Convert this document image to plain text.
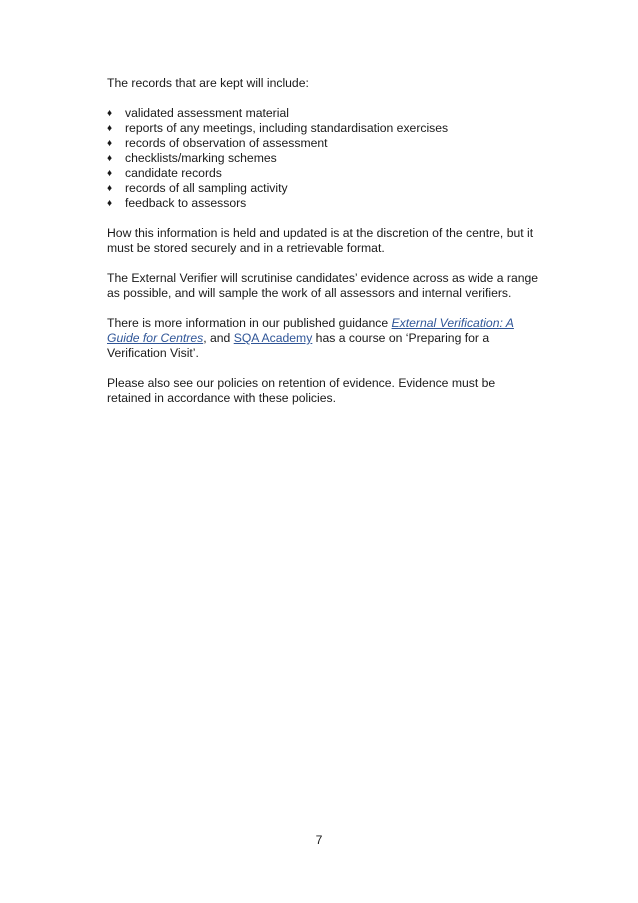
The records that are kept will include:

♦ validated assessment material
♦ reports of any meetings, including standardisation exercises
♦ records of observation of assessment
♦ checklists/marking schemes
♦ candidate records
♦ records of all sampling activity
♦ feedback to assessors

How this information is held and updated is at the discretion of the centre, but it must be stored securely and in a retrievable format.

The External Verifier will scrutinise candidates’ evidence across as wide a range as possible, and will sample the work of all assessors and internal verifiers.

There is more information in our published guidance External Verification: A Guide for Centres, and SQA Academy has a course on ‘Preparing for a Verification Visit’.

Please also see our policies on retention of evidence. Evidence must be retained in accordance with these policies.

7
